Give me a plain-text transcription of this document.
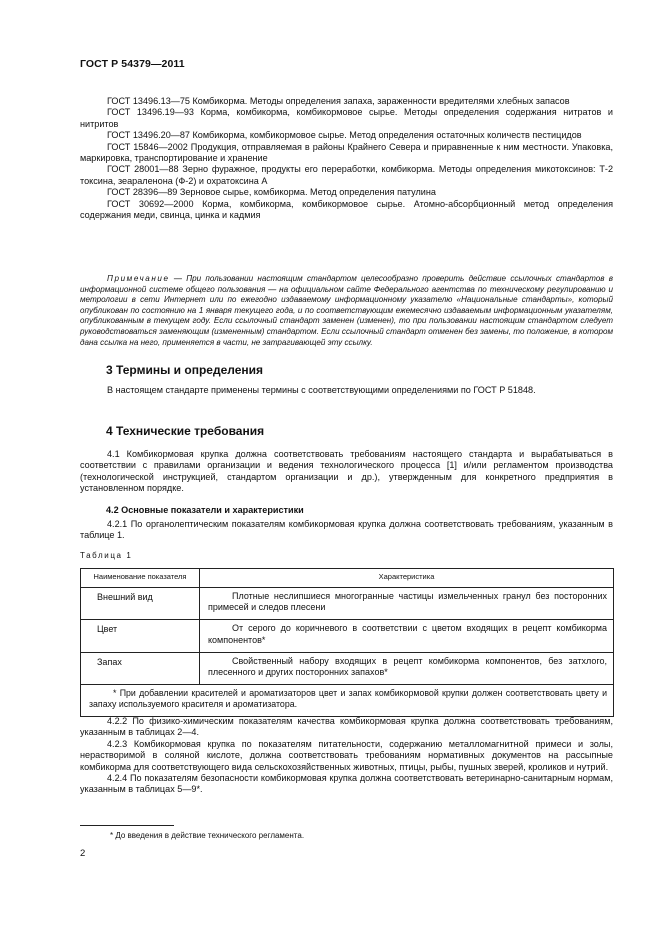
ГОСТ Р 54379—2011

ГОСТ 13496.13—75 Комбикорма. Методы определения запаха, зараженности вредителями хлебных запасов

ГОСТ 13496.19—93 Корма, комбикорма, комбикормовое сырье. Методы определения содержания нитратов и нитритов

ГОСТ 13496.20—87 Комбикорма, комбикормовое сырье. Метод определения остаточных количеств пестицидов

ГОСТ 15846—2002 Продукция, отправляемая в районы Крайнего Севера и приравненные к ним местности. Упаковка, маркировка, транспортирование и хранение

ГОСТ 28001—88 Зерно фуражное, продукты его переработки, комбикорма. Методы определения микотоксинов: Т-2 токсина, зеараленона (Ф-2) и охратоксина А

ГОСТ 28396—89 Зерновое сырье, комбикорма. Метод определения патулина

ГОСТ 30692—2000 Корма, комбикорма, комбикормовое сырье. Атомно-абсорбционный метод определения содержания меди, свинца, цинка и кадмия

Примечание — При пользовании настоящим стандартом целесообразно проверить действие ссылочных стандартов в информационной системе общего пользования — на официальном сайте Федерального агентства по техническому регулированию и метрологии в сети Интернет или по ежегодно издаваемому информационному указателю «Национальные стандарты», который опубликован по состоянию на 1 января текущего года, и по соответствующим ежемесячно издаваемым информационным указателям, опубликованным в текущем году. Если ссылочный стандарт заменен (изменен), то при пользовании настоящим стандартом следует руководствоваться заменяющим (измененным) стандартом. Если ссылочный стандарт отменен без замены, то положение, в котором дана ссылка на него, применяется в части, не затрагивающей эту ссылку.

3 Термины и определения

В настоящем стандарте применены термины с соответствующими определениями по ГОСТ Р 51848.

4 Технические требования

4.1 Комбикормовая крупка должна соответствовать требованиям настоящего стандарта и вырабатываться в соответствии с правилами организации и ведения технологического процесса [1] и/или регламентом производства (технологической инструкцией, стандартом организации и др.), утвержденным для конкретного предприятия в установленном порядке.

4.2 Основные показатели и характеристики

4.2.1 По органолептическим показателям комбикормовая крупка должна соответствовать требованиям, указанным в таблице 1.

Таблица 1
Наименование показателя	Характеристика
Внешний вид	Плотные неслипшиеся многогранные частицы измельченных гранул без посторонних примесей и следов плесени
Цвет	От серого до коричневого в соответствии с цветом входящих в рецепт комбикорма компонентов*
Запах	Свойственный набору входящих в рецепт комбикорма компонентов, без затхлого, плесенного и других посторонних запахов*
* При добавлении красителей и ароматизаторов цвет и запах комбикормовой крупки должен соответствовать цвету и запаху используемого красителя и ароматизатора.	

4.2.2 По физико-химическим показателям качества комбикормовая крупка должна соответствовать требованиям, указанным в таблицах 2—4.

4.2.3 Комбикормовая крупка по показателям питательности, содержанию металломагнитной примеси и золы, нерастворимой в соляной кислоте, должна соответствовать требованиям нормативных документов на рассыпные комбикорма для соответствующего вида сельскохозяйственных животных, птицы, рыбы, пушных зверей, кроликов и нутрий.

4.2.4 По показателям безопасности комбикормовая крупка должна соответствовать ветеринарно-санитарным нормам, указанным в таблицах 5—9*.

* До введения в действие технического регламента.
2
